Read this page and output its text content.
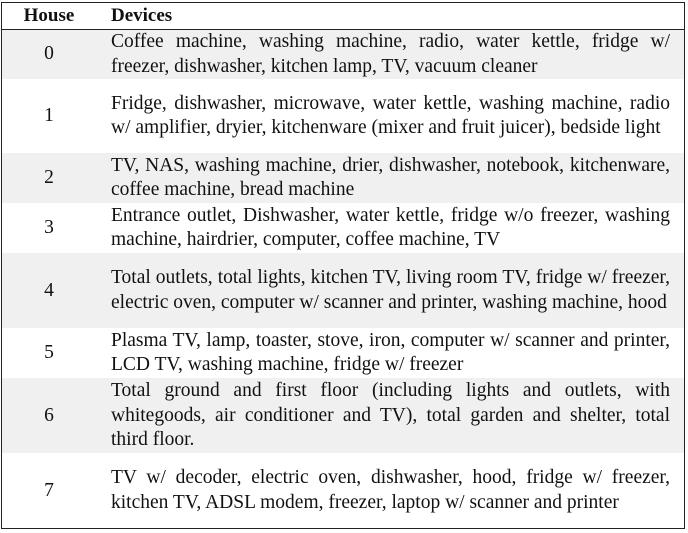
House	Devices
0	Coffee machine, washing machine, radio, water kettle, fridge w/ freezer, dishwasher, kitchen lamp, TV, vacuum cleaner
1	Fridge, dishwasher, microwave, water kettle, washing machine, radio w/ amplifier, dryier, kitchenware (mixer and fruit juicer), bedside light
2	TV, NAS, washing machine, drier, dishwasher, notebook, kitchenware, coffee machine, bread machine
3	Entrance outlet, Dishwasher, water kettle, fridge w/o freezer, washing machine, hairdrier, computer, coffee machine, TV
4	Total outlets, total lights, kitchen TV, living room TV, fridge w/ freezer, electric oven, computer w/ scanner and printer, washing machine, hood
5	Plasma TV, lamp, toaster, stove, iron, computer w/ scanner and printer, LCD TV, washing machine, fridge w/ freezer
6	Total ground and first floor (including lights and outlets, with whitegoods, air conditioner and TV), total garden and shelter, total third floor.
7	TV w/ decoder, electric oven, dishwasher, hood, fridge w/ freezer, kitchen TV, ADSL modem, freezer, laptop w/ scanner and printer
